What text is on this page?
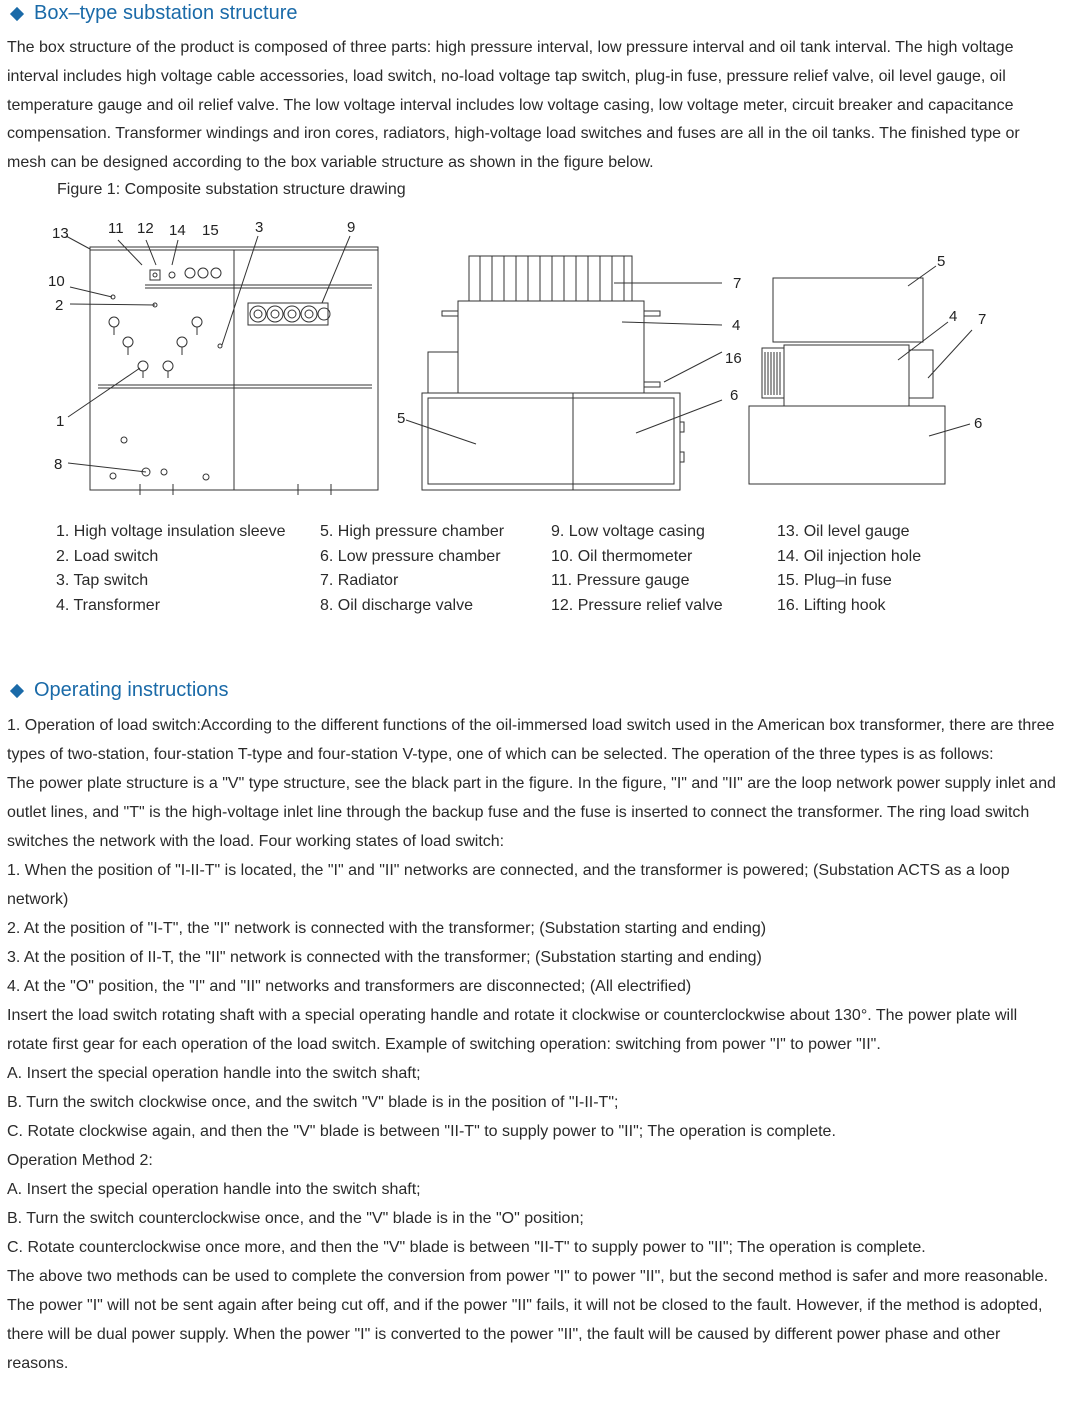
Box–type substation structure

The box structure of the product is composed of three parts: high pressure interval, low pressure interval and oil tank interval. The high voltage interval includes high voltage cable accessories, load switch, no-load voltage tap switch, plug-in fuse, pressure relief valve, oil level gauge, oil temperature gauge and oil relief valve. The low voltage interval includes low voltage casing, low voltage meter, circuit breaker and capacitance compensation. Transformer windings and iron cores, radiators, high-voltage load switches and fuses are all in the oil tanks. The finished type or mesh can be designed according to the box variable structure as shown in the figure below.

Figure 1: Composite substation structure drawing

13	11 12 14 15 3	9
10
2
1
8
7
4
16
6
5
5
4 7
6
1. High voltage insulation sleeve
2. Load switch
3. Tap switch
4. Transformer
5. High pressure chamber
6. Low pressure chamber
7. Radiator
8. Oil discharge valve
9. Low voltage casing
10. Oil thermometer
11. Pressure gauge
12. Pressure relief valve
13. Oil level gauge
14. Oil injection hole
15. Plug–in fuse
16. Lifting hook
Operating instructions

1. Operation of load switch:According to the different functions of the oil-immersed load switch used in the American box transformer, there are three types of two-station, four-station T-type and four-station V-type, one of which can be selected. The operation of the three types is as follows:

The power plate structure is a "V" type structure, see the black part in the figure. In the figure, "I" and "II" are the loop network power supply inlet and outlet lines, and "T" is the high-voltage inlet line through the backup fuse and the fuse is inserted to connect the transformer. The ring load switch switches the network with the load. Four working states of load switch:

1. When the position of "I-II-T" is located, the "I" and "II" networks are connected, and the transformer is powered; (Substation ACTS as a loop network)

2. At the position of "I-T", the "I" network is connected with the transformer; (Substation starting and ending)

3. At the position of II-T, the "II" network is connected with the transformer; (Substation starting and ending)

4. At the "O" position, the "I" and "II" networks and transformers are disconnected; (All electrified)

Insert the load switch rotating shaft with a special operating handle and rotate it clockwise or counterclockwise about 130°. The power plate will rotate first gear for each operation of the load switch. Example of switching operation: switching from power "I" to power "II".

A. Insert the special operation handle into the switch shaft;

B. Turn the switch clockwise once, and the switch "V" blade is in the position of "I-II-T";

C. Rotate clockwise again, and then the "V" blade is between "II-T" to supply power to "II"; The operation is complete.

Operation Method 2:

A. Insert the special operation handle into the switch shaft;

B. Turn the switch counterclockwise once, and the "V" blade is in the "O" position;

C. Rotate counterclockwise once more, and then the "V" blade is between "II-T" to supply power to "II"; The operation is complete.

The above two methods can be used to complete the conversion from power "I" to power "II", but the second method is safer and more reasonable. The power "I" will not be sent again after being cut off, and if the power "II" fails, it will not be closed to the fault. However, if the method is adopted, there will be dual power supply. When the power "I" is converted to the power "II", the fault will be caused by different power phase and other reasons.
